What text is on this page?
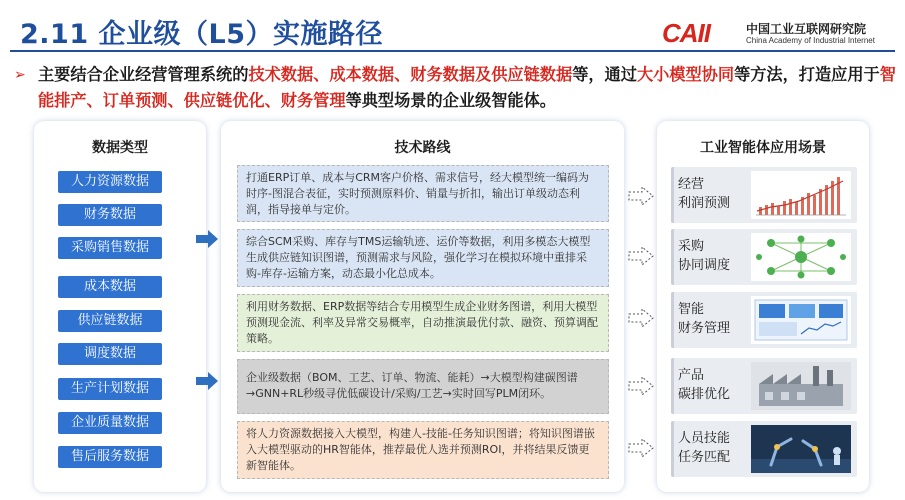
2.11 企业级（L5）实施路径	CAII	中国工业互联网研究院
China Academy of Industrial Internet
➢ 主要结合企业经营管理系统的技术数据、成本数据、财务数据及供应链数据等，通过大小模型协同等方法，打造应用于智能排产、订单预测、供应链优化、财务管理等典型场景的企业级智能体。
数据类型
人力资源数据
财务数据
采购销售数据
成本数据
供应链数据
调度数据
生产计划数据
企业质量数据
售后服务数据
技术路线
打通ERP订单、成本与CRM客户价格、需求信号，经大模型统一编码为时序-图混合表征，实时预测原料价、销量与折扣，输出订单级动态利润，指导接单与定价。
综合SCM采购、库存与TMS运输轨迹、运价等数据，利用多模态大模型生成供应链知识图谱，预测需求与风险，强化学习在模拟环境中重排采购-库存-运输方案，动态最小化总成本。
利用财务数据、ERP数据等结合专用模型生成企业财务图谱，利用大模型预测现金流、利率及异常交易概率，自动推演最优付款、融资、预算调配策略。
企业级数据（BOM、工艺、订单、物流、能耗）→大模型构建碳图谱→GNN+RL秒级寻优低碳设计/采购/工艺→实时回写PLM闭环。
将人力资源数据接入大模型，构建人-技能-任务知识图谱；将知识图谱嵌入大模型驱动的HR智能体，推荐最优人选并预测ROI，并将结果反馈更新智能体。
工业智能体应用场景
经营
利润预测
采购
协同调度
智能
财务管理
产品
碳排优化
人员技能
任务匹配
